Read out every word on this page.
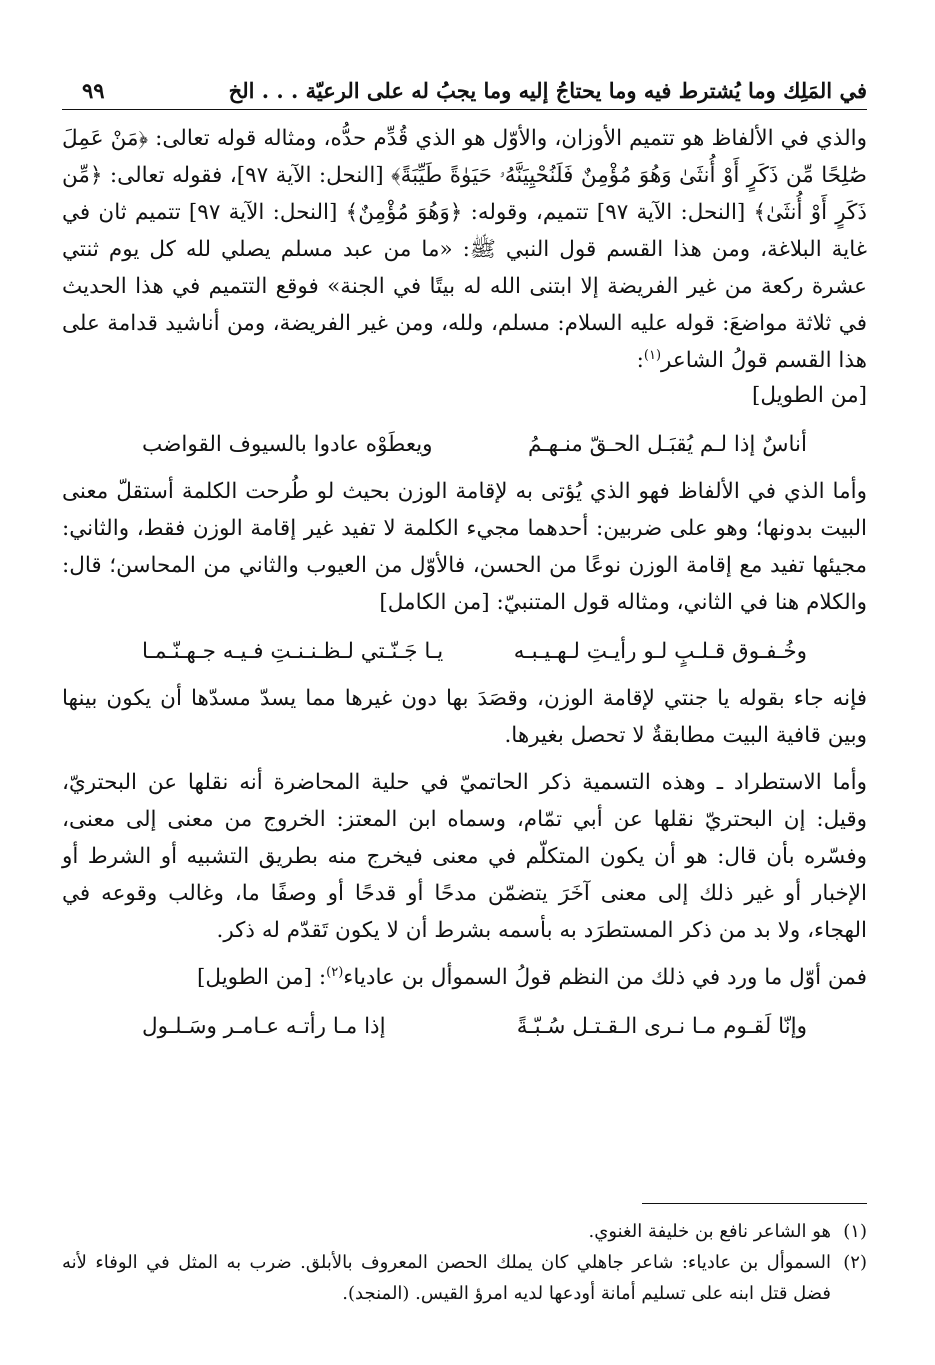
في المَلِك وما يُشترط فيه وما يحتاجُ إليه وما يجبُ له على الرعيّة . . . الخ
٩٩

والذي في الألفاظ هو تتميم الأوزان، والأوّل هو الذي قُدِّم حدُّه، ومثاله قوله تعالى: ﴿مَنْ عَمِلَ صَٰلِحًا مِّن ذَكَرٍ أَوْ أُنثَىٰ وَهُوَ مُؤْمِنٌ فَلَنُحْيِيَنَّهُۥ حَيَوٰةً طَيِّبَةً﴾ [النحل: الآية ٩٧]، فقوله تعالى: ﴿مِّن ذَكَرٍ أَوْ أُنثَىٰ﴾ [النحل: الآية ٩٧] تتميم، وقوله: ﴿وَهُوَ مُؤْمِنٌ﴾ [النحل: الآية ٩٧] تتميم ثان في غاية البلاغة، ومن هذا القسم قول النبي ﷺ: «ما من عبد مسلم يصلي لله كل يوم ثنتي عشرة ركعة من غير الفريضة إلا ابتنى الله له بيتًا في الجنة» فوقع التتميم في هذا الحديث في ثلاثة مواضعَ: قوله عليه السلام: مسلم، ولله، ومن غير الفريضة، ومن أناشيد قدامة على هذا القسم قولُ الشاعر$^{(١)}$:
[من الطويل]

أناسٌ إذا لـم يُقبَـل الحـقّ منـهـمُ
ويعطَوْه عادوا بالسيوف القواضب

وأما الذي في الألفاظ فهو الذي يُؤتى به لإقامة الوزن بحيث لو طُرحت الكلمة أستقلّ معنى البيت بدونها؛ وهو على ضربين: أحدهما مجيء الكلمة لا تفيد غير إقامة الوزن فقط، والثاني: مجيئها تفيد مع إقامة الوزن نوعًا من الحسن، فالأوّل من العيوب والثاني من المحاسن؛ قال: والكلام هنا في الثاني، ومثاله قول المتنبيّ: [من الكامل]

وخُـفـوق قـلـبٍ لـو رأيـتِ لـهـيـبـه
يـا جَـنّـتي لـظـنـنـتِ فـيـه جـهـنّـمـا

فإنه جاء بقوله يا جنتي لإقامة الوزن، وقصَدَ بها دون غيرها مما يسدّ مسدّها أن يكون بينها وبين قافية البيت مطابقةٌ لا تحصل بغيرها.

وأما الاستطراد ـ وهذه التسمية ذكر الحاتميّ في حلية المحاضرة أنه نقلها عن البحتريّ، وقيل: إن البحتريّ نقلها عن أبي تمّام، وسماه ابن المعتز: الخروج من معنى إلى معنى، وفسّره بأن قال: هو أن يكون المتكلّم في معنى فيخرج منه بطريق التشبيه أو الشرط أو الإخبار أو غير ذلك إلى معنى آخَرَ يتضمّن مدحًا أو قدحًا أو وصفًا ما، وغالب وقوعه في الهجاء، ولا بد من ذكر المستطرَد به بأسمه بشرط أن لا يكون تَقدّم له ذكر.

فمن أوّل ما ورد في ذلك من النظم قولُ السموأل بن عادياء$^{(٢)}$: [من الطويل]

وإنّا لَقـوم مـا نـرى الـقـتـل سُـبّـةً
إذا مـا رأتـه عـامـر وسَـلـول
(١)
هو الشاعر نافع بن خليفة الغنوي.
(٢)
السموأل بن عادياء: شاعر جاهلي كان يملك الحصن المعروف بالأبلق. ضرب به المثل في الوفاء لأنه فضل قتل ابنه على تسليم أمانة أودعها لديه امرؤ القيس. (المنجد).
